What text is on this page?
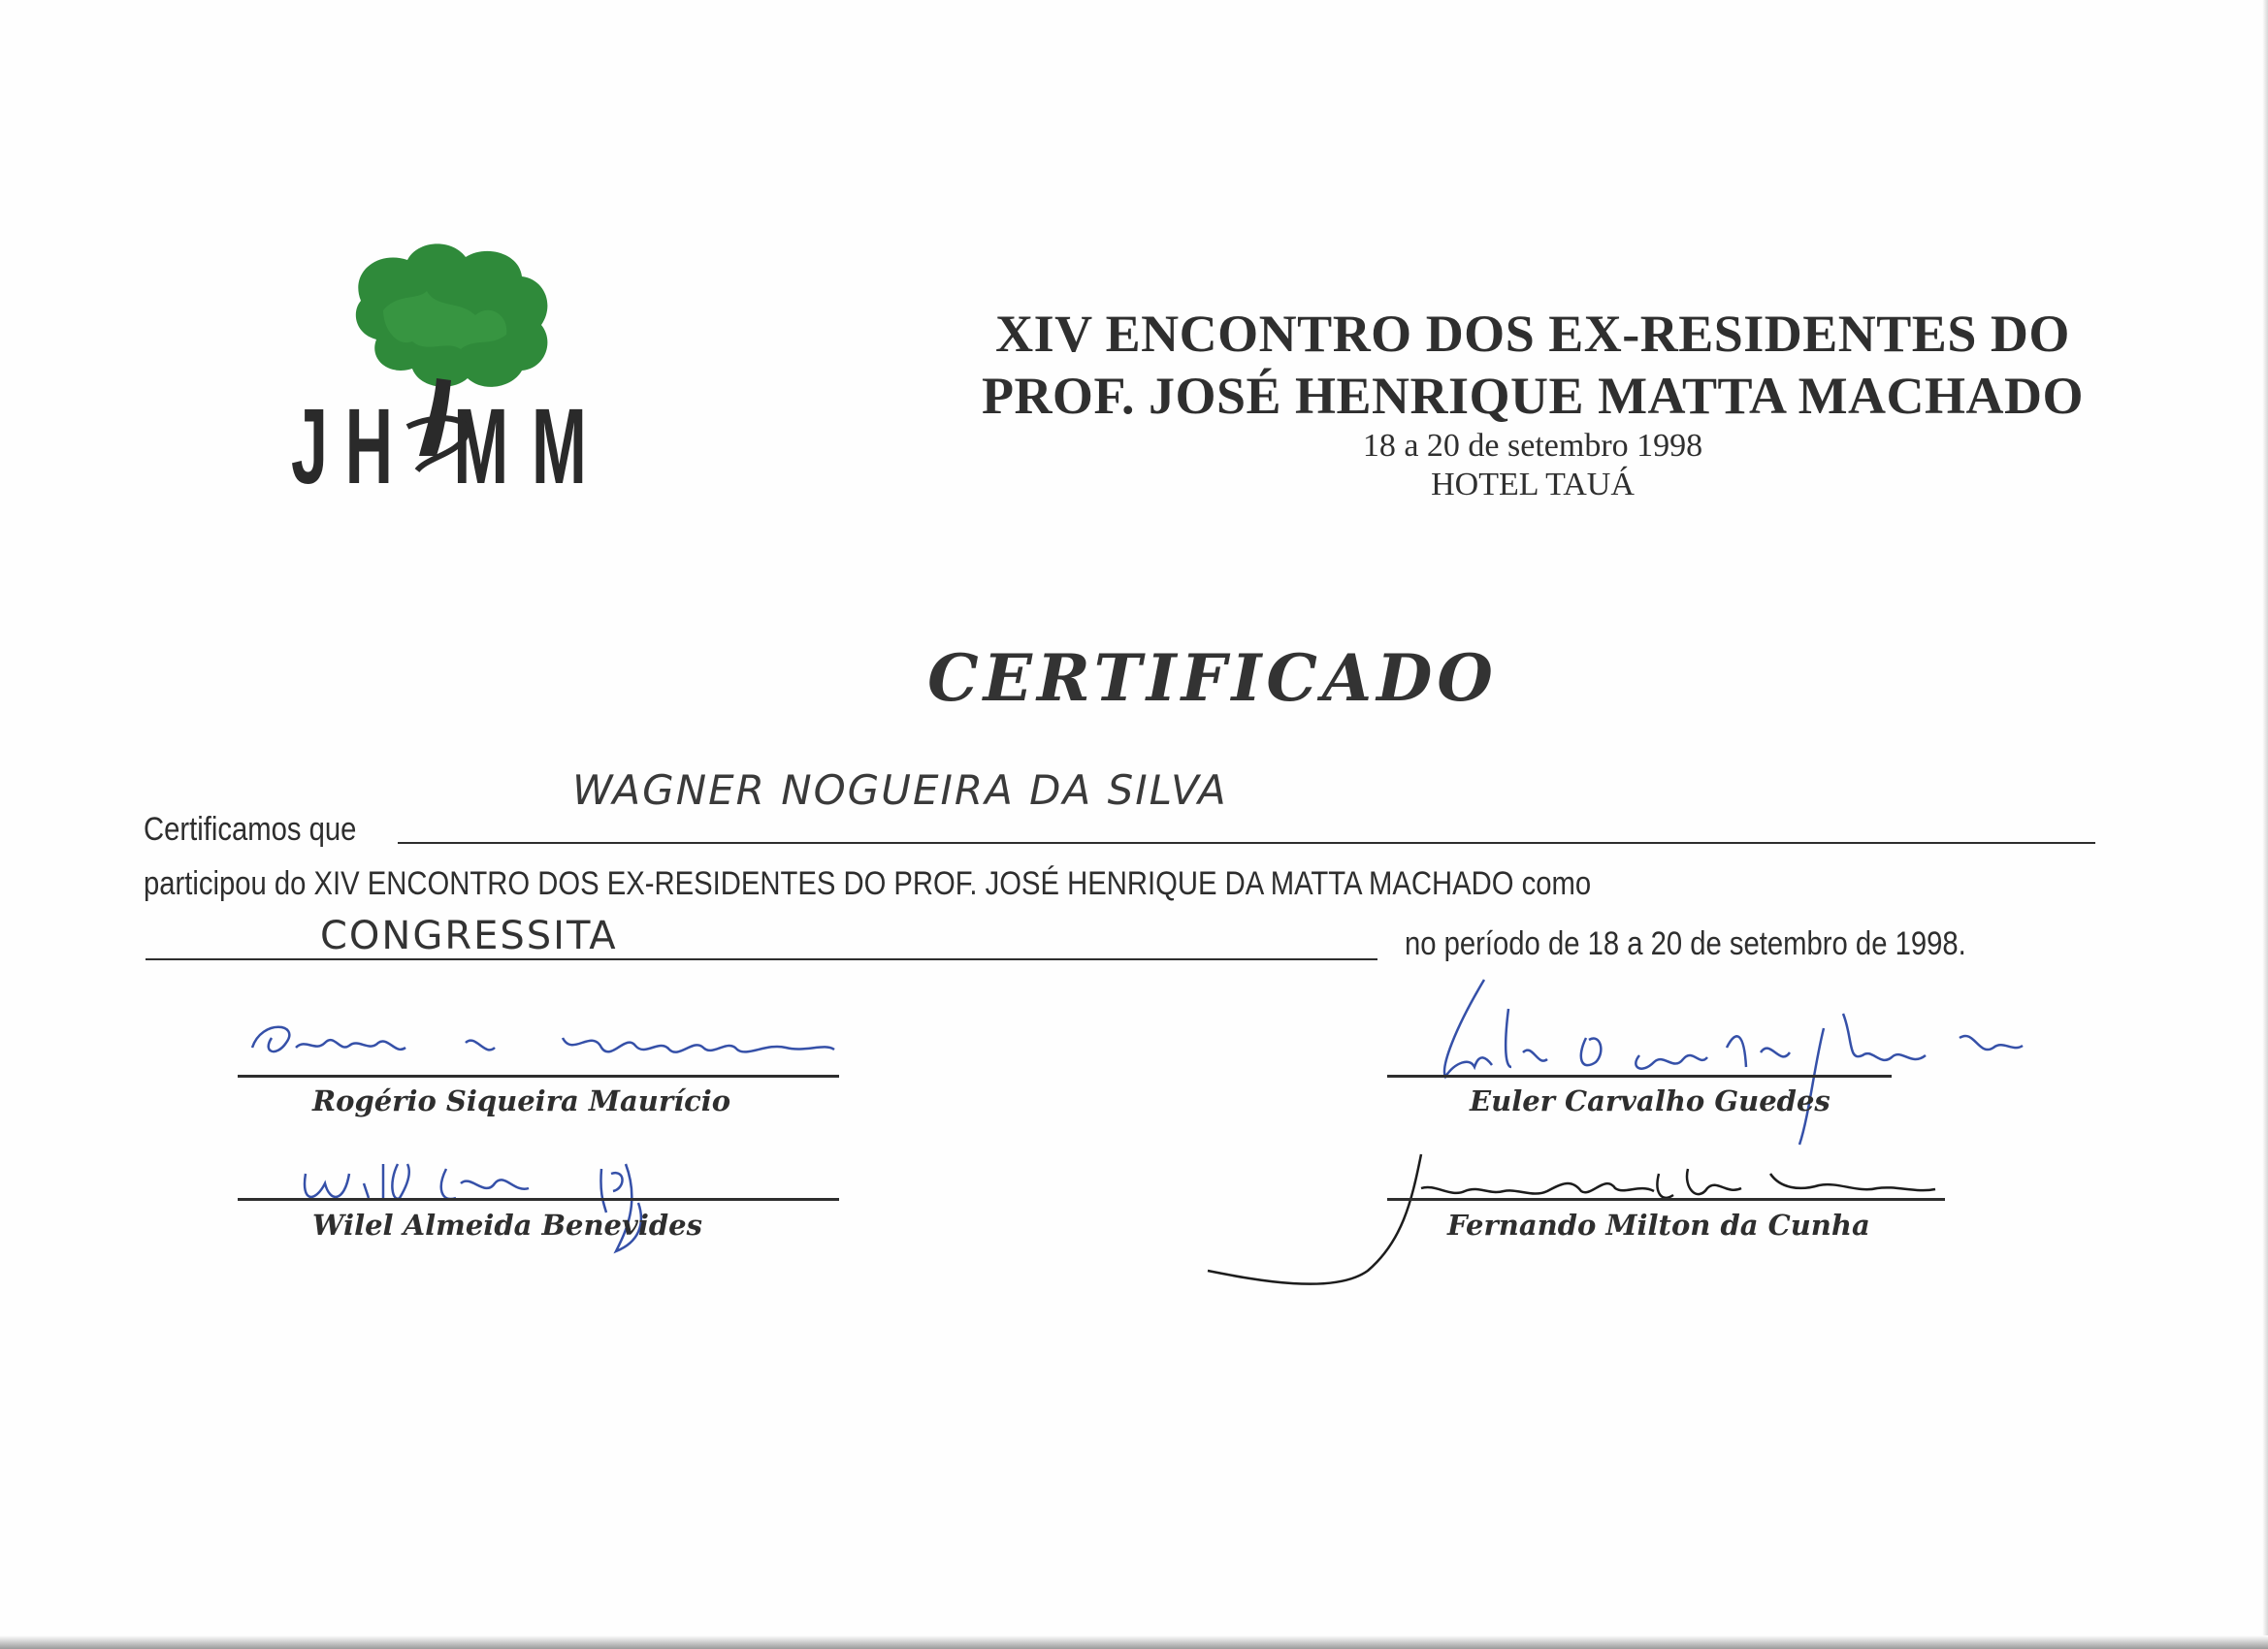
J H M M
XIV ENCONTRO DOS EX-RESIDENTES DO
PROF. JOSÉ HENRIQUE MATTA MACHADO
18 a 20 de setembro 1998
HOTEL TAUÁ
CERTIFICADO
WAGNER NOGUEIRA DA SILVA
Certificamos que
participou do XIV ENCONTRO DOS EX-RESIDENTES DO PROF. JOSÉ HENRIQUE DA MATTA MACHADO como
CONGRESSITA	no período de 18 a 20 de setembro de 1998.
Rogério Siqueira Maurício
Wilel Almeida Benevides
Euler Carvalho Guedes
Fernando Milton da Cunha
